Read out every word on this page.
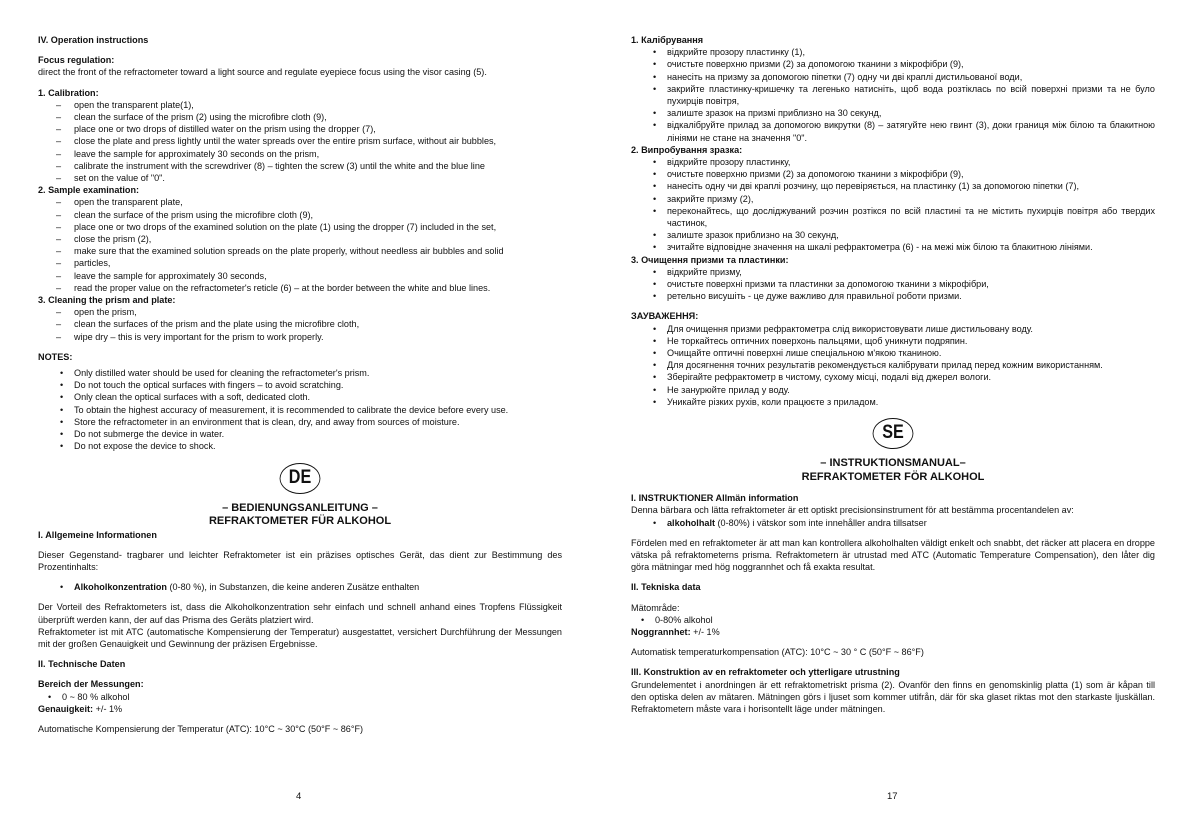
IV. Operation instructions
Focus regulation:
direct the front of the refractometer toward a light source and regulate eyepiece focus using the visor casing (5).
1. Calibration:
– open the transparent plate(1),
– clean the surface of the prism (2) using the microfibre cloth (9),
– place one or two drops of distilled water on the prism using the dropper (7),
– close the plate and press lightly until the water spreads over the entire prism surface, without air bubbles,
– leave the sample for approximately 30 seconds on the prism,
– calibrate the instrument with the screwdriver (8) – tighten the screw (3) until the white and the blue line
– set on the value of "0".
2. Sample examination:
– open the transparent plate,
– clean the surface of the prism using the microfibre cloth (9),
– place one or two drops of the examined solution on the plate (1) using the dropper (7) included in the set,
– close the prism (2),
– make sure that the examined solution spreads on the plate properly, without needless air bubbles and solid
– particles,
– leave the sample for approximately 30 seconds,
– read the proper value on the refractometer's reticle (6) – at the border between the white and blue lines.
3. Cleaning the prism and plate:
– open the prism,
– clean the surfaces of the prism and the plate using the microfibre cloth,
– wipe dry – this is very important for the prism to work properly.
NOTES:
• Only distilled water should be used for cleaning the refractometer's prism.
• Do not touch the optical surfaces with fingers – to avoid scratching.
• Only clean the optical surfaces with a soft, dedicated cloth.
• To obtain the highest accuracy of measurement, it is recommended to calibrate the device before every use.
• Store the refractometer in an environment that is clean, dry, and away from sources of moisture.
• Do not submerge the device in water.
• Do not expose the device to shock.
DE
– BEDIENUNGSANLEITUNG –
REFRAKTOMETER FÜR ALKOHOL
I. Allgemeine Informationen
Dieser Gegenstand- tragbarer und leichter Refraktometer ist ein präzises optisches Gerät, das dient zur Bestimmung des Prozentinhalts:
• Alkoholkonzentration (0-80 %), in Substanzen, die keine anderen Zusätze enthalten
Der Vorteil des Refraktometers ist, dass die Alkoholkonzentration sehr einfach und schnell anhand eines Tropfens Flüssigkeit überprüft werden kann, der auf das Prisma des Geräts platziert wird.
Refraktometer ist mit ATC (automatische Kompensierung der Temperatur) ausgestattet, versichert Durchführung der Messungen mit der großen Genauigkeit und Gewinnung der präzisen Ergebnisse.
II. Technische Daten
Bereich der Messungen:
• 0 ~ 80 % alkohol
Genauigkeit: +/- 1%
Automatische Kompensierung der Temperatur (ATC): 10°C ~ 30°C (50°F ~ 86°F)
4
1. Калібрування
• відкрийте прозору пластинку (1),
• очистьте поверхню призми (2) за допомогою тканини з мікрофібри (9),
• нанесіть на призму за допомогою піпетки (7) одну чи дві краплі дистильованої води,
• закрийте пластинку-кришечку та легенько натисніть, щоб вода розтіклась по всій поверхні призми та не було пухирців повітря,
• залиште зразок на призмі приблизно на 30 секунд,
• відкалібруйте прилад за допомогою викрутки (8) – затягуйте нею гвинт (3), доки границя між білою та блакитною лініями не стане на значення "0".
2. Випробування зразка:
• відкрийте прозору пластинку,
• очистьте поверхню призми (2) за допомогою тканини з мікрофібри (9),
• нанесіть одну чи дві краплі розчину, що перевіряється, на пластинку (1) за допомогою піпетки (7),
• закрийте призму (2),
• переконайтесь, що досліджуваний розчин розтікся по всій пластині та не містить пухирців повітря або твердих частинок,
• залиште зразок приблизно на 30 секунд,
• зчитайте відповідне значення на шкалі рефрактометра (6) - на межі між білою та блакитною лініями.
3. Очищення призми та пластинки:
• відкрийте призму,
• очистьте поверхні призми та пластинки за допомогою тканини з мікрофібри,
• ретельно висушіть - це дуже важливо для правильної роботи призми.
ЗАУВАЖЕННЯ:
• Для очищення призми рефрактометра слід використовувати лише дистильовану воду.
• Не торкайтесь оптичних поверхонь пальцями, щоб уникнути подряпин.
• Очищайте оптичні поверхні лише спеціальною м'якою тканиною.
• Для досягнення точних результатів рекомендується калібрувати прилад перед кожним використанням.
• Зберігайте рефрактометр в чистому, сухому місці, подалі від джерел вологи.
• Не занурюйте прилад у воду.
• Уникайте різких рухів, коли працюєте з приладом.
SE
– INSTRUKTIONSMANUAL–
REFRAKTOMETER FÖR ALKOHOL
I. INSTRUKTIONER Allmän information
Denna bärbara och lätta refraktometer är ett optiskt precisionsinstrument för att bestämma procentandelen av:
• alkoholhalt (0-80%) i vätskor som inte innehåller andra tillsatser
Fördelen med en refraktometer är att man kan kontrollera alkoholhalten väldigt enkelt och snabbt, det räcker att placera en droppe vätska på refraktometerns prisma. Refraktometern är utrustad med ATC (Automatic Temperature Compensation), den låter dig göra mätningar med hög noggrannhet och få exakta resultat.
II. Tekniska data
Mätområde:
• 0-80% alkohol
Noggrannhet: +/- 1%
Automatisk temperaturkompensation (ATC): 10°C ~ 30 ° C (50°F ~ 86°F)
III. Konstruktion av en refraktometer och ytterligare utrustning
Grundelementet i anordningen är ett refraktometriskt prisma (2). Ovanför den finns en genomskinlig platta (1) som är kåpan till den optiska delen av mätaren. Mätningen görs i ljuset som kommer utifrån, där för ska glaset riktas mot den starkaste ljuskällan. Refraktometern måste vara i horisontellt läge under mätningen.
17
